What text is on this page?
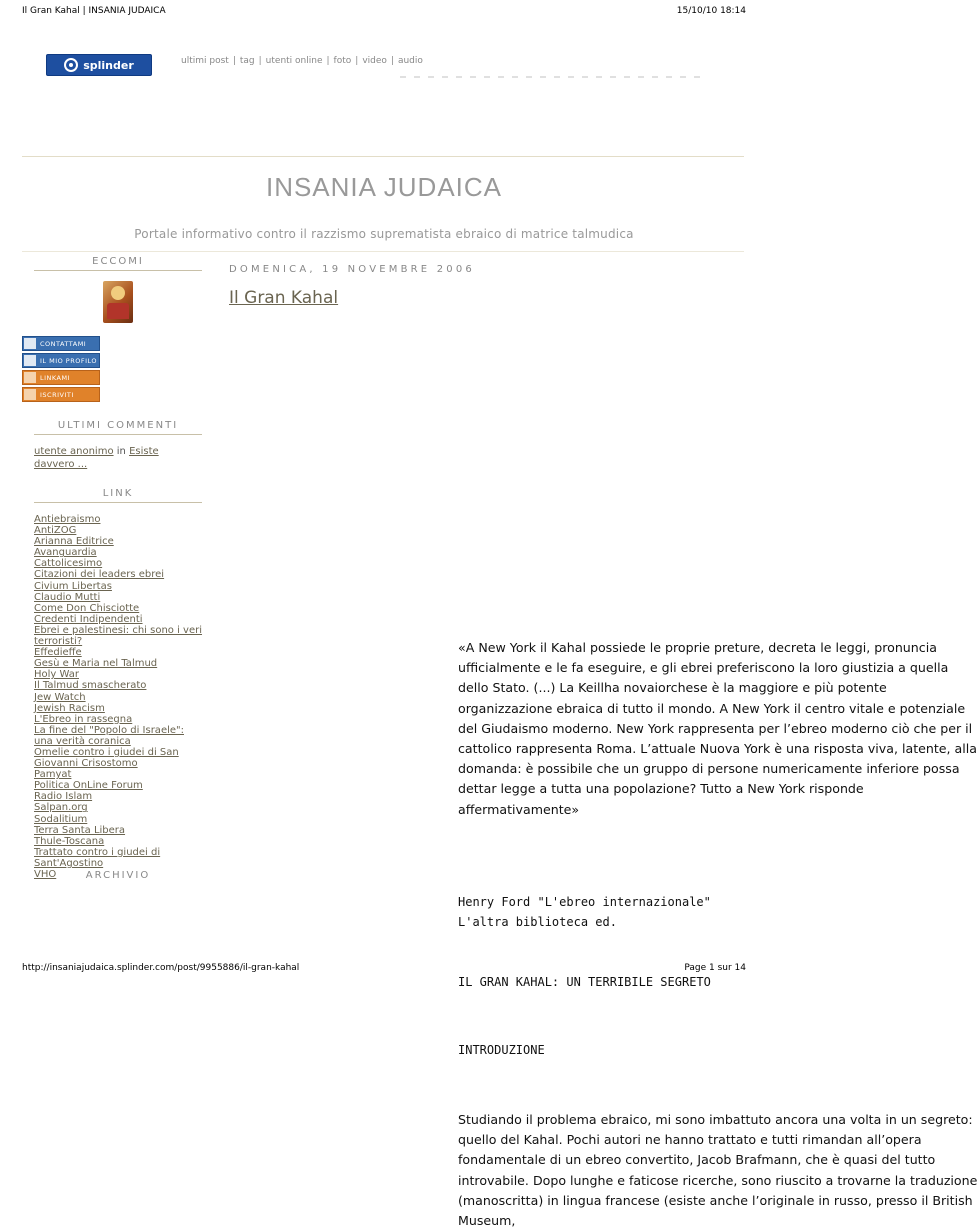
Il Gran Kahal | INSANIA JUDAICA	15/10/10 18:14
splinder	ultimi post | tag | utenti online | foto | video | audio
INSANIA JUDAICA
Portale informativo contro il razzismo suprematista ebraico di matrice talmudica
ECCOMI
CONTATTAMI
IL MIO PROFILO
LINKAMI
ISCRIVITI
ULTIMI COMMENTI
utente anonimo in Esiste davvero ...
LINK
Antiebraismo
AntiZOG
Arianna Editrice
Avanguardia
Cattolicesimo
Citazioni dei leaders ebrei
Civium Libertas
Claudio Mutti
Come Don Chisciotte
Credenti Indipendenti
Ebrei e palestinesi: chi sono i veri terroristi?
Effedieffe
Gesù e Maria nel Talmud
Holy War
Il Talmud smascherato
Jew Watch
Jewish Racism
L'Ebreo in rassegna
La fine del "Popolo di Israele": una verità coranica
Omelie contro i giudei di San Giovanni Crisostomo
Pamyat
Politica OnLine Forum
Radio Islam
Salpan.org
Sodalitium
Terra Santa Libera
Thule-Toscana
Trattato contro i giudei di Sant'Agostino
VHO	ARCHIVIO
DOMENICA, 19 NOVEMBRE 2006
Il Gran Kahal

«A New York il Kahal possiede le proprie preture, decreta le leggi, pronuncia ufficialmente e le fa eseguire, e gli ebrei preferiscono la loro giustizia a quella dello Stato. (...) La Keillha novaiorchese è la maggiore e più potente organizzazione ebraica di tutto il mondo. A New York il centro vitale e potenziale del Giudaismo moderno. New York rappresenta per l’ebreo moderno ciò che per il cattolico rappresenta Roma. L’attuale Nuova York è una risposta viva, latente, alla domanda: è possibile che un gruppo di persone numericamente inferiore possa dettar legge a tutta una popolazione? Tutto a New York risponde affermativamente»

Henry Ford "L'ebreo internazionale" L'altra biblioteca ed.

IL GRAN KAHAL: UN TERRIBILE SEGRETO

INTRODUZIONE

Studiando il problema ebraico, mi sono imbattuto ancora una volta in un segreto: quello del Kahal. Pochi autori ne hanno trattato e tutti rimandan all’opera fondamentale di un ebreo convertito, Jacob Brafmann, che è quasi del tutto introvabile. Dopo lunghe e faticose ricerche, sono riuscito a trovarne la traduzione (manoscritta) in lingua francese (esiste anche l’originale in russo, presso il British Museum,

http://insaniajudaica.splinder.com/post/9955886/il-gran-kahal	Page 1 sur 14
